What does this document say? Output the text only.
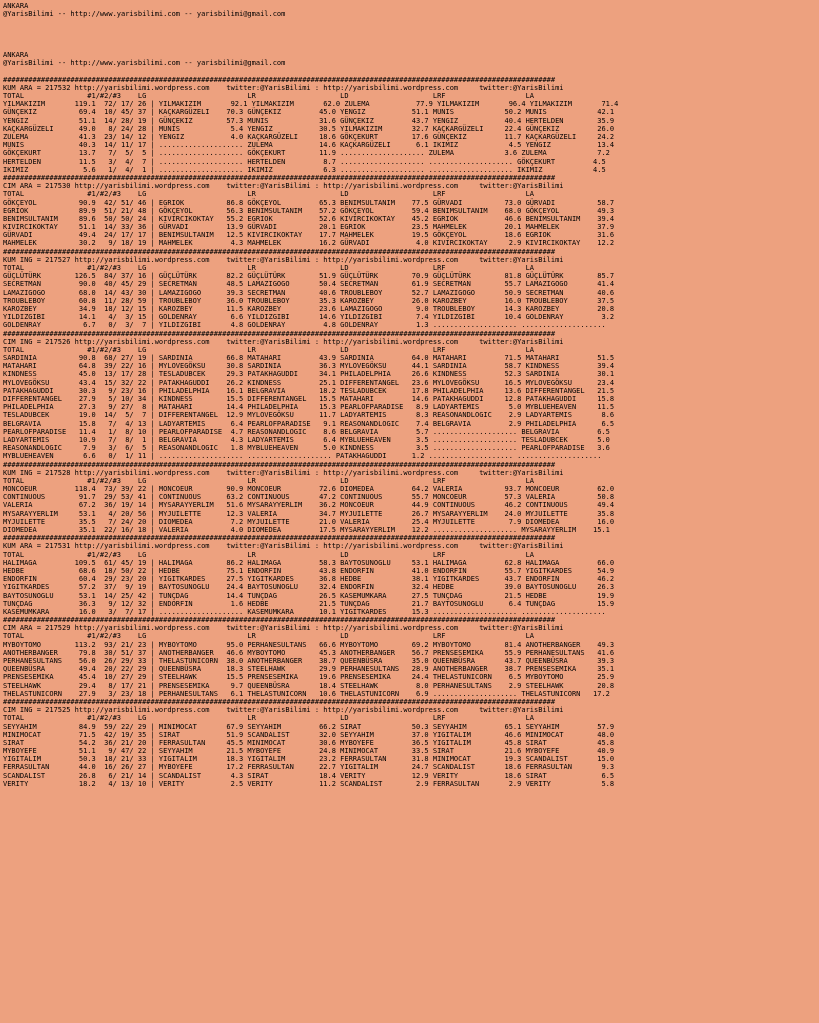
ANKARA
@YarisBilimi -- http://www.yarisbilimi.com -- yarisbilimi@gmail.com
ANKARA
@YarisBilimi -- http://www.yarisbilimi.com -- yarisbilimi@gmail.com
###################################################################################################################################
KUM ARA = 217532 http://yarisbilimi.wordpress.com    twitter:@YarisBilimi : http://yarisbilimi.wordpress.com     twitter:@YarisBilimi
TOTAL               #1/#2/#3    LG                        LR                    LD                    LRF                   LA
YILMAKIZIM       119.1  72/ 17/ 26 | YILMAKIZIM       92.1 YILMAKIZIM       62.0 ZULEMA           77.9 YILMAKIZIM       96.4 YILMAKIZIM       71.4
GÜNÇEKIZ          69.4  10/ 45/ 37 | KAÇKARGÜZELI    70.3 GÜNÇEKIZ         45.0 YENGIZ           51.1 MUNIS            50.2 MUNIS            42.1
YENGIZ            51.1  14/ 28/ 19 | GÜNÇEKIZ        57.3 MUNIS            31.6 GÜNÇEKIZ         43.7 YENGIZ           40.4 HERTELDEN        35.9
KAÇKARGÜZELI      49.0   8/ 24/ 28 | MUNIS            5.4 YENGIZ           30.5 YILMAKIZIM       32.7 KAÇKARGÜZELI     22.4 GÜNÇEKIZ         26.0
ZULEMA            41.3  23/ 14/ 12 | YENGIZ           4.0 KAÇKARGÜZELI     18.6 GÖKÇEKURT        17.6 GÜNÇEKIZ         11.7 KAÇKARGÜZELI     24.2
MUNIS             40.3  14/ 11/ 17 | .................... ZULEMA           14.6 KAÇKARGÜZELI      6.1 IKIMIZ            4.5 YENGIZ           13.4
GÖKÇEKURT         13.7   7/  5/  5 | .................... GÖKÇEKURT        11.9 .................... ZULEMA            3.6 ZULEMA            7.2
HERTELDEN         11.5   3/  4/  7 | .................... HERTELDEN         8.7 .................... .................... GÖKÇEKURT         4.5
IKIMIZ             5.6   1/  4/  1 | .................... IKIMIZ            6.3 .................... .................... IKIMIZ            4.5
###################################################################################################################################
CIM ARA = 217530 http://yarisbilimi.wordpress.com    twitter:@YarisBilimi : http://yarisbilimi.wordpress.com     twitter:@YarisBilimi
TOTAL               #1/#2/#3    LG                        LR                    LD                    LRF                   LA
GÖKÇEYOL          90.9  42/ 51/ 46 | EGRIOK          86.8 GÖKÇEYOL         65.3 BENIMSULTANIM    77.5 GÜRVADI          73.0 GÜRVADI          58.7
EGRIOK            89.9  51/ 21/ 48 | GÖKÇEYOL        56.3 BENIMSULTANIM    57.2 GÖKÇEYOL         59.4 BENIMSULTANIM    68.0 GÖKÇEYOL         49.3
BENIMSULTANIM     89.6  50/ 50/ 24 | KIVIRCIKOKTAY   55.2 EGRIOK           52.6 KIVIRCIKOKTAY    45.2 EGRIOK           46.6 BENIMSULTANIM    39.4
KIVIRCIKOKTAY     51.1  14/ 33/ 36 | GÜRVADI         13.9 GÜRVADI          20.1 EGRIOK           23.5 MAHMELEK         20.1 MAHMELEK         37.9
GÜRVADI           49.4  24/ 17/ 17 | BENIMSULTANIM   12.5 KIVIRCIKOKTAY    17.7 MAHMELEK         19.5 GÖKÇEYOL         18.6 EGRIOK           31.6
MAHMELEK          30.2   9/ 18/ 19 | MAHMELEK         4.3 MAHMELEK         16.2 GÜRVADI           4.0 KIVIRCIKOKTAY     2.9 KIVIRCIKOKTAY    12.2
###################################################################################################################################
KUM ING = 217527 http://yarisbilimi.wordpress.com    twitter:@YarisBilimi : http://yarisbilimi.wordpress.com     twitter:@YarisBilimi
TOTAL               #1/#2/#3    LG                        LR                    LD                    LRF                   LA
GÜÇLÜTÜRK        126.5  84/ 37/ 16 | GÜÇLÜTÜRK       82.2 GÜÇLÜTÜRK        51.9 GÜÇLÜTÜRK        70.9 GÜÇLÜTÜRK        81.8 GÜÇLÜTÜRK        85.7
SECRETMAN         90.0  40/ 45/ 29 | SECRETMAN       48.5 LAMAZIGOGO       50.4 SECRETMAN        61.9 SECRETMAN        55.7 LAMAZIGOGO       41.4
LAMAZIGOGO        68.0  14/ 43/ 30 | LAMAZIGOGO      39.3 SECRETMAN        40.6 TROUBLEBOY       52.7 LAMAZIGOGO       50.9 SECRETMAN        40.6
TROUBLEBOY        60.8  11/ 28/ 59 | TROUBLEBOY      36.0 TROUBLEBOY       35.3 KAROZBEY         26.0 KAROZBEY         16.0 TROUBLEBOY       37.5
KAROZBEY          34.9  18/ 12/ 15 | KAROZBEY        11.5 KAROZBEY         23.6 LAMAZIGOGO        9.0 TROUBLEBOY       14.3 KAROZBEY         20.8
YILDIZGIBI        14.1   4/  3/ 15 | GOLDENRAY        6.6 YILDIZGIBI       14.6 YILDIZGIBI        7.4 YILDIZGIBI       10.4 GOLDENRAY         3.2
GOLDENRAY          6.7   0/  3/  7 | YILDIZGIBI       4.8 GOLDENRAY         4.8 GOLDENRAY         1.3 .................... ....................
###################################################################################################################################
CIM ING = 217526 http://yarisbilimi.wordpress.com    twitter:@YarisBilimi : http://yarisbilimi.wordpress.com     twitter:@YarisBilimi
TOTAL               #1/#2/#3    LG                        LR                    LD                    LRF                   LA
SARDINIA          90.8  68/ 27/ 19 | SARDINIA        66.8 MATAHARI         43.9 SARDINIA         64.0 MATAHARI         71.5 MATAHARI         51.5
MATAHARI          64.8  39/ 22/ 16 | MYLOVEGÖKSU     30.8 SARDINIA         36.3 MYLOVEGÖKSU      44.1 SARDINIA         58.7 KINDNESS         39.4
KINDNESS          45.0  13/ 17/ 28 | TESLADUBCEK     29.3 PATAKHAGUDDI     34.1 PHILADELPHIA     26.6 KINDNESS         52.3 SARDINIA         30.1
MYLOVEGÖKSU       43.4  15/ 32/ 22 | PATAKHAGUDDI    26.2 KINDNESS         25.1 DIFFERENTANGEL   23.6 MYLOVEGÖKSU      16.5 MYLOVEGÖKSU      23.4
PATAKHAGUDDI      30.3   9/ 23/ 16 | PHILADELPHIA    16.1 BELGRAVIA        18.2 TESLADUBCEK      17.8 PHILADELPHIA     13.6 DIFFERENTANGEL   21.5
DIFFERENTANGEL    27.9   5/ 10/ 34 | KINDNESS        15.5 DIFFERENTANGEL   15.5 MATAHARI         14.6 PATAKHAGUDDI     12.8 PATAKHAGUDDI     15.8
PHILADELPHIA      27.3   9/ 27/  8 | MATAHARI        14.4 PHILADELPHIA     15.3 PEARLOFPARADISE   8.9 LADYARTEMIS       5.0 MYBLUEHEAVEN     11.5
TESLADUBCEK       19.0  14/  5/  7 | DIFFERENTANGEL  12.9 MYLOVEGÖKSU      11.7 LADYARTEMIS       8.3 REASONANDLOGIC    2.9 LADYARTEMIS       8.6
BELGRAVIA         15.8   7/  4/ 13 | LADYARTEMIS      6.4 PEARLOFPARADISE   9.1 REASONANDLOGIC    7.4 BELGRAVIA         2.9 PHILADELPHIA      6.5
PEARLOFPARADISE   11.4   1/  8/ 10 | PEARLOFPARADISE  4.7 REASONANDLOGIC    8.6 BELGRAVIA         5.7 .................... BELGRAVIA         6.5
LADYARTEMIS       10.9   7/  8/  1 | BELGRAVIA        4.3 LADYARTEMIS       6.4 MYBLUEHEAVEN      3.5 .................... TESLADUBCEK       5.0
REASONANDLOGIC     7.9   3/  6/  5 | REASONANDLOGIC   1.8 MYBLUEHEAVEN      5.0 KINDNESS          3.5 .................... PEARLOFPARADISE   3.6
MYBLUEHEAVEN       6.6   0/  1/ 11 | .................... .................... PATAKHAGUDDI      1.2 .................... ....................
###################################################################################################################################
KUM ING = 217528 http://yarisbilimi.wordpress.com    twitter:@YarisBilimi : http://yarisbilimi.wordpress.com     twitter:@YarisBilimi
TOTAL               #1/#2/#3    LG                        LR                    LD                    LRF                   LA
MONCOEUR         118.4  73/ 39/ 22 | MONCOEUR        90.9 MONCOEUR         72.6 DIOMEDEA         64.2 VALERIA          93.7 MONCOEUR         62.0
CONTINUOUS        91.7  29/ 53/ 41 | CONTINUOUS      63.2 CONTINUOUS       47.2 CONTINUOUS       55.7 MONCOEUR         57.3 VALERIA          50.8
VALERIA           67.2  36/ 19/ 14 | MYSARAYYERLIM   51.6 MYSARAYYERLIM    36.2 MONCOEUR         44.9 CONTINUOUS       46.2 CONTINUOUS       49.4
MYSARAYYERLIM     53.1   4/ 20/ 56 | MYJUILETTE      12.3 VALERIA          34.7 MYJUILETTE       26.7 MYSARAYYERLIM    24.0 MYJUILETTE       35.8
MYJUILETTE        35.5   7/ 24/ 20 | DIOMEDEA         7.2 MYJUILETTE       21.0 VALERIA          25.4 MYJUILETTE        7.9 DIOMEDEA         16.0
DIOMEDEA          35.1  22/ 16/ 18 | VALERIA          4.0 DIOMEDEA         17.5 MYSARAYYERLIM    12.2 .................... MYSARAYYERLIM    15.1
###################################################################################################################################
KUM ARA = 217531 http://yarisbilimi.wordpress.com    twitter:@YarisBilimi : http://yarisbilimi.wordpress.com     twitter:@YarisBilimi
TOTAL               #1/#2/#3    LG                        LR                    LD                    LRF                   LA
HALIMAGA         109.5  61/ 45/ 19 | HALIMAGA        86.2 HALIMAGA         58.3 BAYTOSUNOGLU     53.1 HALIMAGA         62.8 HALIMAGA         66.0
HEDBE             68.6  18/ 50/ 22 | HEDBE           75.1 ENDORFIN         43.8 ENDORFIN         41.0 ENDORFIN         55.7 YIGITKARDES      54.9
ENDORFIN          60.4  29/ 23/ 20 | YIGITKARDES     27.5 YIGITKARDES      36.8 HEDBE            38.1 YIGITKARDES      43.7 ENDORFIN         46.2
YIGITKARDES       57.2  37/  9/ 19 | BAYTOSUNOGLU    24.4 BAYTOSUNOGLU     32.4 ENDORFIN         32.4 HEDBE            39.0 BAYTOSUNOGLU     26.3
BAYTOSUNOGLU      53.1  14/ 25/ 42 | TUNÇDAG         14.4 TUNÇDAG          26.5 KASEMUMKARA      27.5 TUNÇDAG          21.5 HEDBE            19.9
TUNÇDAG           36.3   9/ 12/ 32 | ENDORFIN         1.6 HEDBE            21.5 TUNÇDAG          21.7 BAYTOSUNOGLU      6.4 TUNÇDAG          15.9
KASEMUMKARA       16.0   3/  7/ 17 | .................... KASEMUMKARA      10.1 YIGITKARDES      15.3 .................... ....................
###################################################################################################################################
CIM ARA = 217529 http://yarisbilimi.wordpress.com    twitter:@YarisBilimi : http://yarisbilimi.wordpress.com     twitter:@YarisBilimi
TOTAL               #1/#2/#3    LG                        LR                    LD                    LRF                   LA
MYBOYTOMO        113.2  93/ 21/ 23 | MYBOYTOMO       95.0 PERHANESULTANS   66.6 MYBOYTOMO        69.2 MYBOYTOMO        81.4 ANOTHERBANGER    49.3
ANOTHERBANGER     79.8  30/ 51/ 37 | ANOTHERBANGER   46.6 MYBOYTOMO        45.3 ANOTHERBANGER    56.7 PRENSESEMIKA     55.9 PERHANESULTANS   41.6
PERHANESULTANS    56.0  26/ 29/ 33 | THELASTUNICORN  38.0 ANOTHERBANGER    38.7 QUEENBÜSRA       35.0 QUEENBÜSRA       43.7 QUEENBÜSRA       39.3
QUEENBÜSRA        49.4  20/ 22/ 29 | QUEENBÜSRA      18.3 STEELHAWK        29.9 PERHANESULTANS   28.9 ANOTHERBANGER    38.7 PRENSESEMIKA     35.1
PRENSESEMIKA      45.4  10/ 27/ 29 | STEELHAWK       15.5 PRENSESEMIKA     19.6 PRENSESEMIKA     24.4 THELASTUNICORN    6.5 MYBOYTOMO        25.9
STEELHAWK         29.4   8/ 17/ 21 | PRENSESEMIKA     9.7 QUEENBÜSRA       18.4 STEELHAWK         8.0 PERHANESULTANS    2.9 STEELHAWK        20.8
THELASTUNICORN    27.9   3/ 23/ 18 | PERHANESULTANS   6.1 THELASTUNICORN   10.6 THELASTUNICORN    6.9 .................... THELASTUNICORN   17.2
###################################################################################################################################
CIM ING = 217525 http://yarisbilimi.wordpress.com    twitter:@YarisBilimi : http://yarisbilimi.wordpress.com     twitter:@YarisBilimi
TOTAL               #1/#2/#3    LG                        LR                    LD                    LRF                   LA
SEYYAHIM          84.9  59/ 22/ 29 | MINIMOCAT       67.9 SEYYAHIM         66.2 SIRAT            50.3 SEYYAHIM         65.1 SEYYAHIM         57.9
MINIMOCAT         71.5  42/ 19/ 35 | SIRAT           51.9 SCANDALIST       32.0 SEYYAHIM         37.0 YIGITALIM        46.6 MINIMOCAT        48.0
SIRAT             54.2  36/ 21/ 20 | FERRASULTAN     45.5 MINIMOCAT        30.6 MYBOYEFE         36.5 YIGITALIM        45.8 SIRAT            45.8
MYBOYEFE          51.1   9/ 47/ 22 | SEYYAHIM        21.5 MYBOYEFE         24.8 MINIMOCAT        33.5 SIRAT            21.6 MYBOYEFE         40.9
YIGITALIM         50.3  18/ 21/ 33 | YIGITALIM       18.3 YIGITALIM        23.2 FERRASULTAN      31.8 MINIMOCAT        19.3 SCANDALIST       15.0
FERRASULTAN       44.0  16/ 26/ 27 | MYBOYEFE        17.2 FERRASULTAN      22.7 YIGITALIM        24.7 SCANDALIST       18.6 FERRASULTAN       9.3
SCANDALIST        26.8   6/ 21/ 14 | SCANDALIST       4.3 SIRAT            18.4 VERITY           12.9 VERITY           18.6 SIRAT             6.5
VERITY            18.2   4/ 13/ 10 | VERITY           2.5 VERITY           11.2 SCANDALIST        2.9 FERRASULTAN       2.9 VERITY            5.8
